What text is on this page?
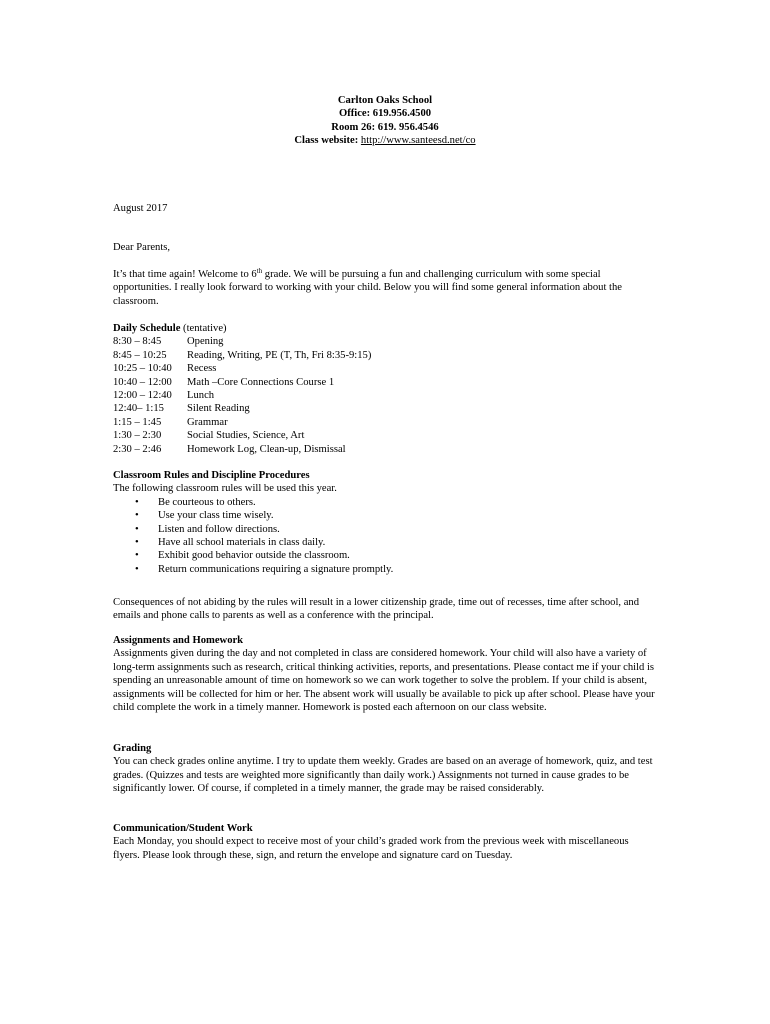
Carlton Oaks School
Office: 619.956.4500
Room 26: 619. 956.4546
Class website: http://www.santeesd.net/co
August 2017
Dear Parents,

It’s that time again! Welcome to 6th grade. We will be pursuing a fun and challenging curriculum with some special opportunities. I really look forward to working with your child. Below you will find some general information about the classroom.

Daily Schedule (tentative)
8:30 – 8:45	Opening
8:45 – 10:25	Reading, Writing, PE (T, Th, Fri 8:35-9:15)
10:25 – 10:40	Recess
10:40 – 12:00	Math –Core Connections Course 1
12:00 – 12:40	Lunch
12:40– 1:15	Silent Reading
1:15 – 1:45	Grammar
1:30 – 2:30	Social Studies, Science, Art
2:30 – 2:46	Homework Log, Clean-up, Dismissal
Classroom Rules and Discipline Procedures
The following classroom rules will be used this year.
• Be courteous to others.
• Use your class time wisely.
• Listen and follow directions.
• Have all school materials in class daily.
• Exhibit good behavior outside the classroom.
• Return communications requiring a signature promptly.

Consequences of not abiding by the rules will result in a lower citizenship grade, time out of recesses, time after school, and emails and phone calls to parents as well as a conference with the principal.

Assignments and Homework

Assignments given during the day and not completed in class are considered homework. Your child will also have a variety of long-term assignments such as research, critical thinking activities, reports, and presentations. Please contact me if your child is spending an unreasonable amount of time on homework so we can work together to solve the problem. If your child is absent, assignments will be collected for him or her. The absent work will usually be available to pick up after school. Please have your child complete the work in a timely manner. Homework is posted each afternoon on our class website.

Grading

You can check grades online anytime. I try to update them weekly. Grades are based on an average of homework, quiz, and test grades. (Quizzes and tests are weighted more significantly than daily work.) Assignments not turned in cause grades to be significantly lower. Of course, if completed in a timely manner, the grade may be raised considerably.

Communication/Student Work

Each Monday, you should expect to receive most of your child’s graded work from the previous week with miscellaneous flyers. Please look through these, sign, and return the envelope and signature card on Tuesday.
